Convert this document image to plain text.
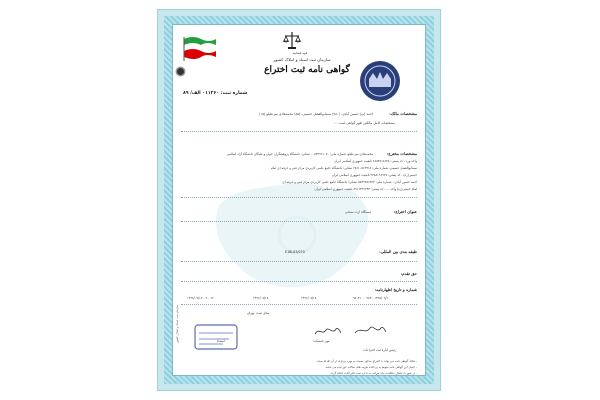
قوه قضاییه
سازمان ثبت اسناد و املاک کشور
گواهی نامه ثبت اختراع
شماره ثبت: ۰۱۱۲۶۰ الف/ ۸۹
مشخصات مالک:
احمد (پ) حسین آبادی، (۲۸۰) سیدابوالفضل حسینی، (۸۵) محمدهادی میرعلیلو (۱۵)
مشخصات کامل مالکین ظهر گواهی است ...
مشخصات مخترع:
محمدهادی میرعلیلو، شماره ملی: ۰۰۸۳۲۹۶۱۰۷۰ نشانی: دانشگاه پژوهشگران جوان و نخبگان دانشگاه آزاد اسلامی
واحد ورد ، کد پستی: ۸۶۵۳۸۱۸۶۲۸ تابعیت جمهوری اسلامی ایران
سیدابوالفضل حسینی، شماره ملی: ۲۸۶۱۰۵۶۳۹۱۸ نشانی: دانشگاه جامع علمی کاربردی مرکز فنی و حرفه ای امام
خمینی(ره) ، کد پستی: ۲۴۵۸۱۹۶۹۲۷ تابعیت جمهوری اسلامی ایران
احمد حسین آبادی ، شماره ملی: ۵۵۳۹۳۸۶۷۳۳ نشانی: دانشگاه جامع علمی کاربردی مرکز فنی و حرفه ای
امام خمینی(ره) واحد ... ، کد پستی: ۸۹۱۶۳۹۹۲۴۳ تابعیت جمهوری اسلامی ایران
عنوان اختراع:
دستگاه ارت سنجی
طبقه بندی بین المللی:
E16L03/070
حق تقدم:
شماره و تاریخ اظهارنامه:
۹۵۰۴۱۰۰۰۹۸۳ - ۱۳۹۵/۰۹/۱۰
۱۳۹۶/۰۷/۱۸
۱۳۹۶/۰۷/۱۸
۱۳۹۸/۰۷/۱۷ - ۹۰۰۱۲
محل ثبت: تهران
امضاء	مهر دانشکده
رئیس اداره ثبت اختراعات
- مالک گواهی نامه می تواند با اختراع مذکور نسبت به بهره برداری از آن اقدام نماید.
- اعتبار این گواهی نامه منوط به پرداخت هزینه های سالانه حق ثبت می باشد.
- در صورت انتقال مالکیت، باید مراتب به اداره ثبت اختراعات اعلام گردد.
سازمان ثبت اسناد و املاک کشور
